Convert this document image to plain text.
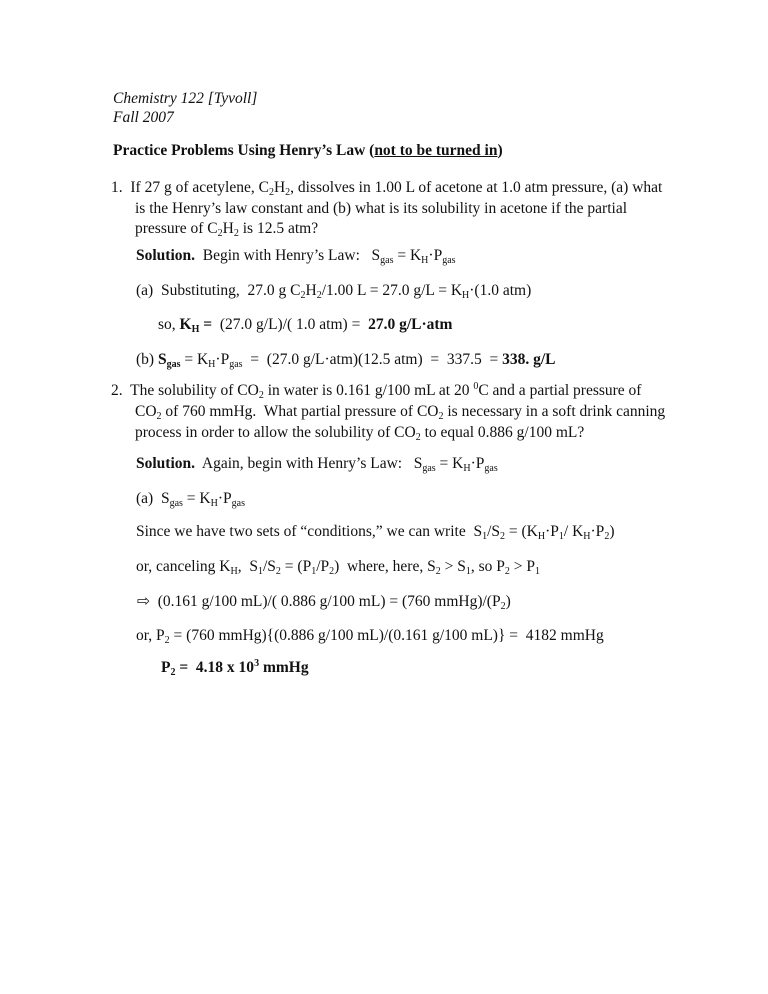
Chemistry 122 [Tyvoll]
Fall 2007
Practice Problems Using Henry’s Law (not to be turned in)
1.  If 27 g of acetylene, C2H2, dissolves in 1.00 L of acetone at 1.0 atm pressure, (a) what
is the Henry’s law constant and (b) what is its solubility in acetone if the partial
pressure of C2H2 is 12.5 atm?
Solution.  Begin with Henry’s Law:   Sgas = KH·Pgas
(a)  Substituting,  27.0 g C2H2/1.00 L = 27.0 g/L = KH·(1.0 atm)
so, KH =  (27.0 g/L)/( 1.0 atm) =  27.0 g/L·atm
(b) Sgas = KH·Pgas  =  (27.0 g/L·atm)(12.5 atm)  =  337.5  = 338. g/L
2.  The solubility of CO2 in water is 0.161 g/100 mL at 20 $^0$C and a partial pressure of
CO2 of 760 mmHg.  What partial pressure of CO2 is necessary in a soft drink canning
process in order to allow the solubility of CO2 to equal 0.886 g/100 mL?
Solution.  Again, begin with Henry’s Law:   Sgas = KH·Pgas
(a)  Sgas = KH·Pgas
Since we have two sets of “conditions,” we can write  S1/S2 = (KH·P1/ KH·P2)
or, canceling KH,  S1/S2 = (P1/P2)  where, here, S2 > S1, so P2 > P1
⇨  (0.161 g/100 mL)/( 0.886 g/100 mL) = (760 mmHg)/(P2)
or, P2 = (760 mmHg){(0.886 g/100 mL)/(0.161 g/100 mL)} =  4182 mmHg
P2 =  4.18 x $10^3$ mmHg
